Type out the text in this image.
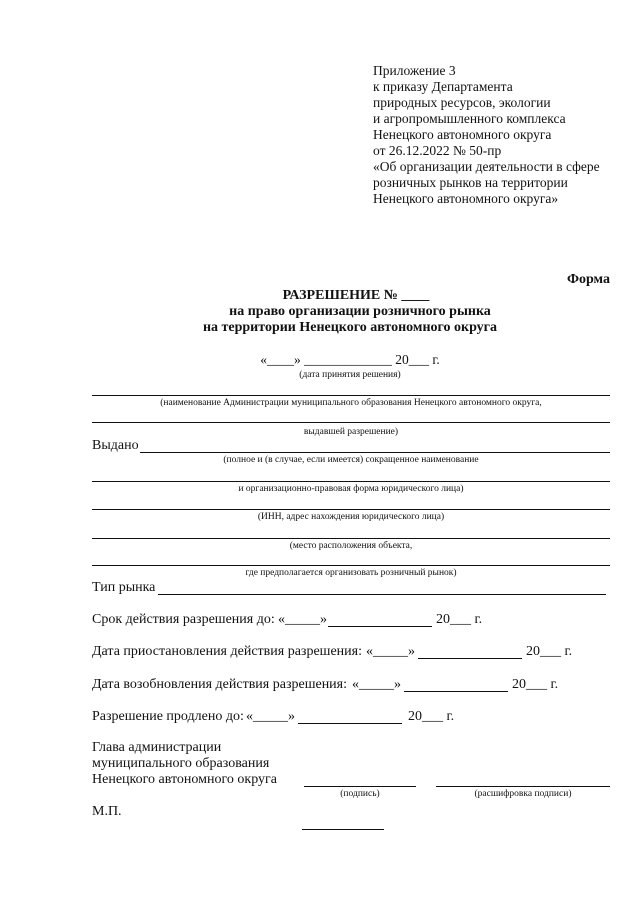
Приложение 3
к приказу Департамента
природных ресурсов, экологии
и агропромышленного комплекса
Ненецкого автономного округа
от 26.12.2022 № 50-пр
«Об организации деятельности в сфере
розничных рынков на территории
Ненецкого автономного округа»
Форма
РАЗРЕШЕНИЕ № ____
на право организации розничного рынка
на территории Ненецкого автономного округа
«____» _____________ 20___ г.
(дата принятия решения)
(наименование Администрации муниципального образования Ненецкого автономного округа,
выдавшей разрешение)
Выдано
(полное и (в случае, если имеется) сокращенное наименование
и организационно-правовая форма юридического лица)
(ИНН, адрес нахождения юридического лица)
(место расположения объекта,
где предполагается организовать розничный рынок)
Тип рынка
Срок действия разрешения до: «_____»	20___ г.
Дата приостановления действия разрешения: «_____»	20___ г.
Дата возобновления действия разрешения: «_____»	20___ г.
Разрешение продлено до: «_____»	20___ г.
Глава администрации
муниципального образования
Ненецкого автономного округа
(подпись)	(расшифровка подписи)
М.П.
